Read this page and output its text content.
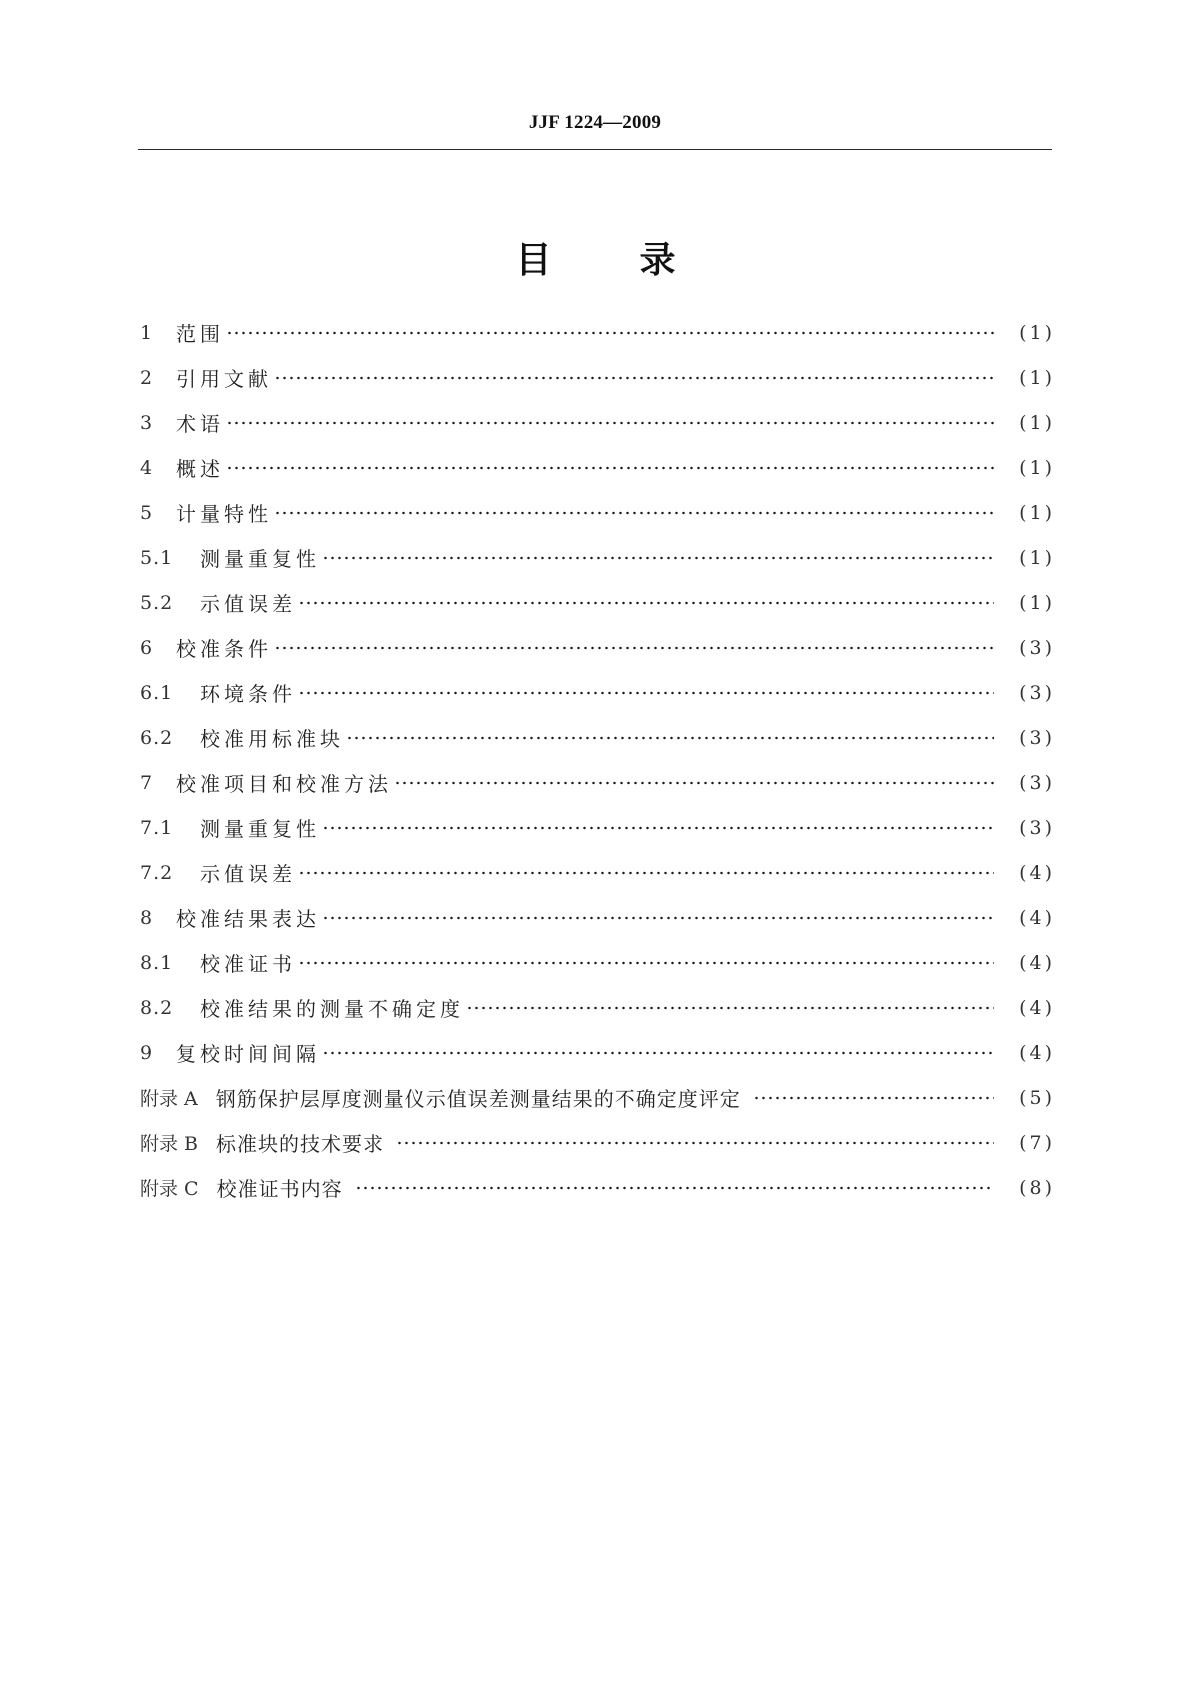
JJF 1224—2009
目 录
1	范围	( 1 )
2	引用文献	( 1 )
3	术语	( 1 )
4	概述	( 1 )
5	计量特性	( 1 )
5.1	测量重复性	( 1 )
5.2	示值误差	( 1 )
6	校准条件	( 3 )
6.1	环境条件	( 3 )
6.2	校准用标准块	( 3 )
7	校准项目和校准方法	( 3 )
7.1	测量重复性	( 3 )
7.2	示值误差	( 4 )
8	校准结果表达	( 4 )
8.1	校准证书	( 4 )
8.2	校准结果的测量不确定度	( 4 )
9	复校时间间隔	( 4 )
附录 A 钢筋保护层厚度测量仪示值误差测量结果的不确定度评定	( 5 )
附录 B 标准块的技术要求	( 7 )
附录 C 校准证书内容	( 8 )
